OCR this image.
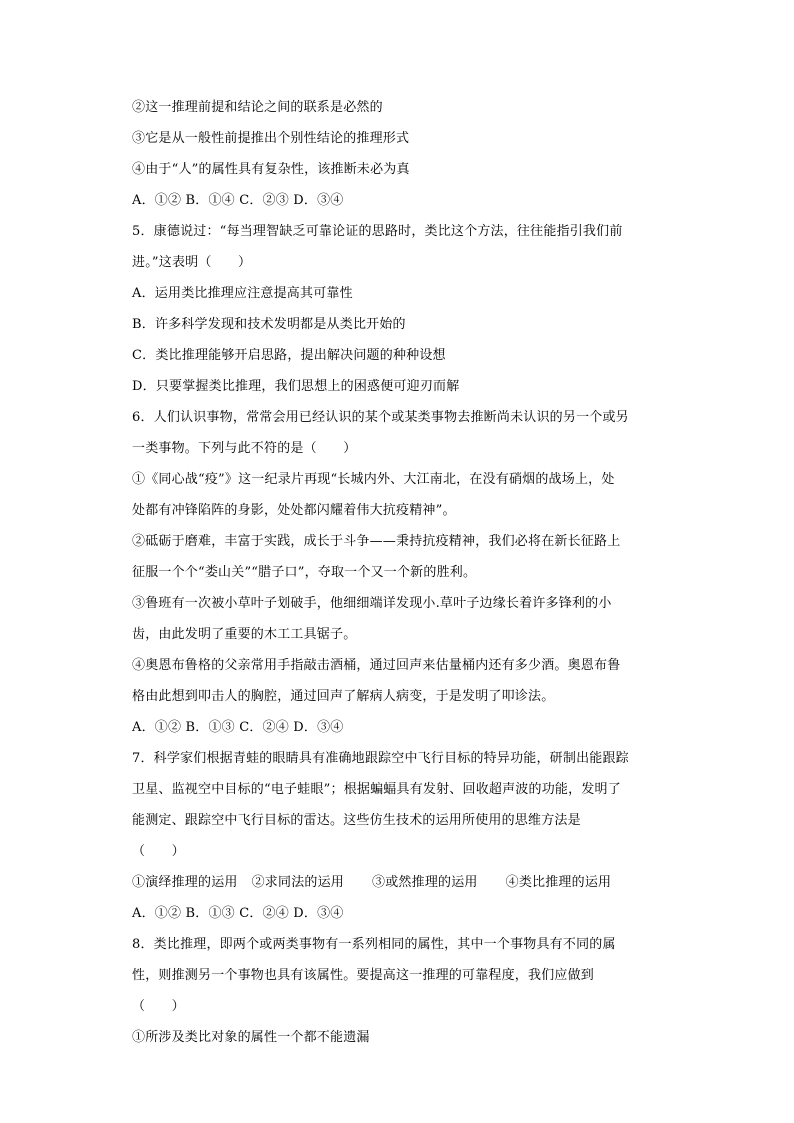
②这一推理前提和结论之间的联系是必然的
③它是从一般性前提推出个别性结论的推理形式
④由于“人”的属性具有复杂性，该推断未必为真
A．①② B．①④ C．②③ D．③④
5．康德说过：“每当理智缺乏可靠论证的思路时，类比这个方法，往往能指引我们前
进。”这表明（　　）
A．运用类比推理应注意提高其可靠性
B．许多科学发现和技术发明都是从类比开始的
C．类比推理能够开启思路，提出解决问题的种种设想
D．只要掌握类比推理，我们思想上的困惑便可迎刃而解
6．人们认识事物，常常会用已经认识的某个或某类事物去推断尚未认识的另一个或另
一类事物。下列与此不符的是（　　）
①《同心战“疫”》这一纪录片再现“长城内外、大江南北，在没有硝烟的战场上，处
处都有冲锋陷阵的身影，处处都闪耀着伟大抗疫精神”。
②砥砺于磨难，丰富于实践，成长于斗争——秉持抗疫精神，我们必将在新长征路上
征服一个个“娄山关”“腊子口”，夺取一个又一个新的胜利。
③鲁班有一次被小草叶子划破手，他细细端详发现小.草叶子边缘长着许多锋利的小
齿，由此发明了重要的木工工具锯子。
④奥恩布鲁格的父亲常用手指敲击酒桶，通过回声来估量桶内还有多少酒。奥恩布鲁
格由此想到叩击人的胸腔，通过回声了解病人病变，于是发明了叩诊法。
A．①② B．①③ C．②④ D．③④
7．科学家们根据青蛙的眼睛具有准确地跟踪空中飞行目标的特异功能，研制出能跟踪
卫星、监视空中目标的“电子蛙眼”；根据蝙蝠具有发射、回收超声波的功能，发明了
能测定、跟踪空中飞行目标的雷达。这些仿生技术的运用所使用的思维方法是
（　　）
①演绎推理的运用 ②求同法的运用 ③或然推理的运用 ④类比推理的运用
A．①② B．①③ C．②④ D．③④
8．类比推理，即两个或两类事物有一系列相同的属性，其中一个事物具有不同的属
性，则推测另一个事物也具有该属性。要提高这一推理的可靠程度，我们应做到
（　　）
①所涉及类比对象的属性一个都不能遗漏
